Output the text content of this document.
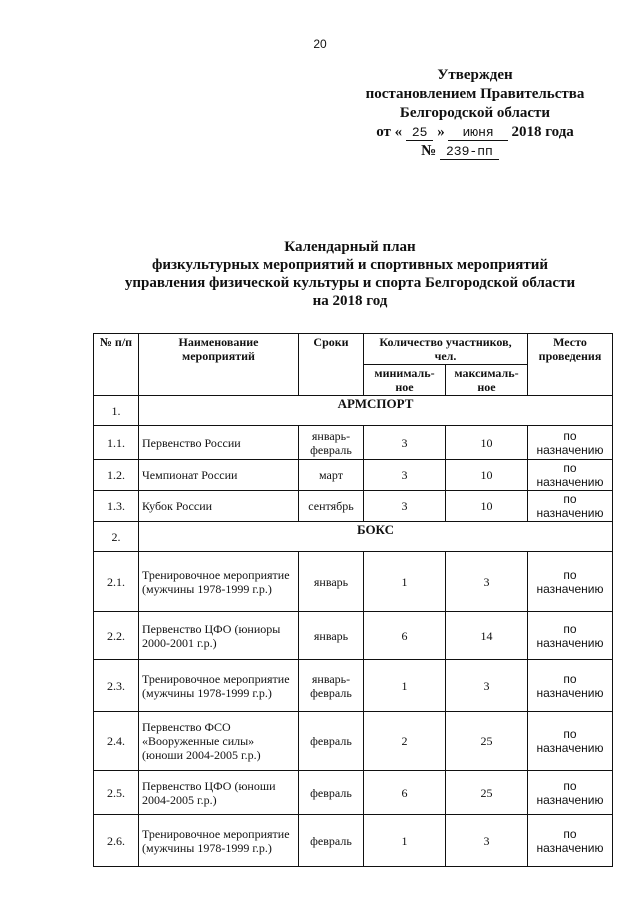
20
Утвержден
постановлением Правительства
Белгородской области
от « 25 » июня 2018 года
№ 239-пп
Календарный план
физкультурных мероприятий и спортивных мероприятий
управления физической культуры и спорта Белгородской области
на 2018 год
№ п/п	Наименование мероприятий	Сроки	Количество участников, чел.		Место проведения
			минималь-ное	максималь-ное	
1.	АРМСПОРТ				
1.1.	Первенство России	январь-февраль	3	10	по назначению
1.2.	Чемпионат России	март	3	10	по назначению
1.3.	Кубок России	сентябрь	3	10	по назначению
2.	БОКС				
2.1.	Тренировочное мероприятие (мужчины 1978-1999 г.р.)	январь	1	3	по назначению
2.2.	Первенство ЦФО (юниоры 2000-2001 г.р.)	январь	6	14	по назначению
2.3.	Тренировочное мероприятие (мужчины 1978-1999 г.р.)	январь-февраль	1	3	по назначению
2.4.	Первенство ФСО «Вооруженные силы» (юноши 2004-2005 г.р.)	февраль	2	25	по назначению
2.5.	Первенство ЦФО (юноши 2004-2005 г.р.)	февраль	6	25	по назначению
2.6.	Тренировочное мероприятие (мужчины 1978-1999 г.р.)	февраль	1	3	по назначению
